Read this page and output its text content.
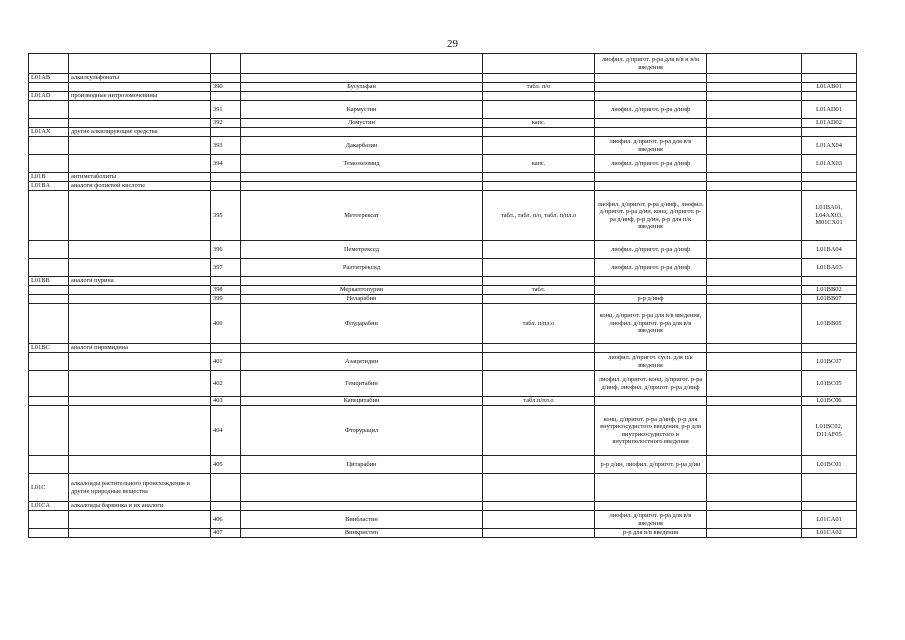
29
					лиофил. д/пригот. р-ра для в/в и в/м введения		
L01AB	алкилсульфонаты						
		390	Бусульфан	табл. п/о			L01AB01
L01AD	производные нитрозомочевины						
		391	Кармустин		лиофил. д/пригот. р-ра д/инф		L01AD01
		392	Ломустин	капс.			L01AD02
L01AX	другие алкилирующие средства						
		393	Дакарбазин		лиофил. д/пригот. р-ра для в/в введения		L01AX04
		394	Темозоломид	капс.	лиофил. д/пригот. р-ра д/инф		L01AX03
L01B	антиметаболиты						
L01BA	аналоги фолиевой кислоты						
		395	Метотрексат	табл., табл. п/о, табл. п/пл.о	лиофил. д/пригот. р-ра д/инф., лиофил. д/пригот. р-ра д/ин, конц. д/пригот. р-ра д/инф, р-р д/ин, р-р для п/к введения		L01BA01, L04AX03, M01CX01
		396	Пеметрексед		лиофил. д/пригот. р-ра д/инф		L01BA04
		397	Ралтитрексид		лиофил. д/пригот. р-ра д/инф		L01BA03
L01BB	аналоги пурина						
		398	Меркаптопурин	табл.			L01BB02
		399	Неларабин		р-р д/инф		L01BB07
		400	Флударабин	табл. п/пл.о	конц. д/пригот. р-ра для в/в введения, лиофил. д/пригот. р-ра для в/в введения		L01BB05
L01BC	аналоги пиримидина						
		401	Азацитидин		лиофил. д/пригот. сусп. для п/к введения		L01BC07
		402	Гемцитабин		лиофил. д/пригот. конц. д/пригот. р-ра д/инф, лиофил. д/пригот. р-ра д/инф		L01BC05
		403	Капецитабин	табл.п/пл.о			L01BC06
		404	Фторурацил		конц. д/пригот. р-ра д/инф, р-р для внутрисосудистого введения, р-р для внутрисосудистого и внутриполостного введения		L01BC02, D11AF05
		405	Цитарабин		р-р д/ин, лиофил. д/пригот. р-ра д/ин		L01BC01
L01C	алкалоиды растительного происхождения и другие природные вещества						
L01CA	алкалоиды барвинка и их аналоги						
		406	Винбластин		лиофил. д/пригот. р-ра для в/в введения		L01CA01
		407	Винкристин		р-р для в/в введения		L01CA02
